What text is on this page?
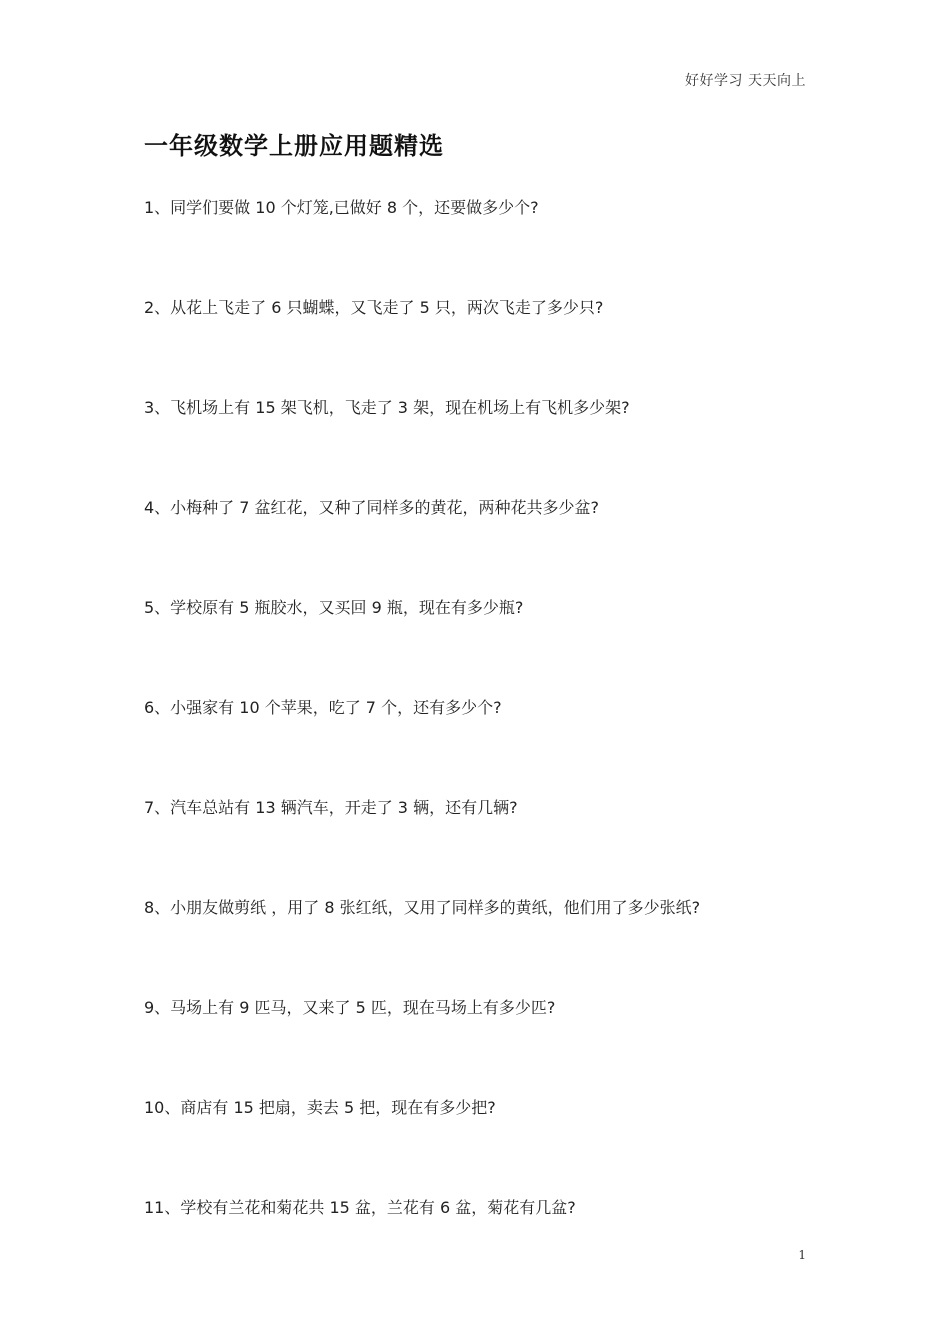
好好学习 天天向上
一年级数学上册应用题精选
1、同学们要做 10 个灯笼,已做好 8 个，还要做多少个?
2、从花上飞走了 6 只蝴蝶，又飞走了 5 只，两次飞走了多少只?
3、飞机场上有 15 架飞机，飞走了 3 架，现在机场上有飞机多少架?
4、小梅种了 7 盆红花，又种了同样多的黄花，两种花共多少盆?
5、学校原有 5 瓶胶水，又买回 9 瓶，现在有多少瓶?
6、小强家有 10 个苹果，吃了 7 个，还有多少个?
7、汽车总站有 13 辆汽车，开走了 3 辆，还有几辆?
8、小朋友做剪纸 ，用了 8 张红纸，又用了同样多的黄纸，他们用了多少张纸?
9、马场上有 9 匹马，又来了 5 匹，现在马场上有多少匹?
10、商店有 15 把扇，卖去 5 把，现在有多少把?
11、学校有兰花和菊花共 15 盆，兰花有 6 盆，菊花有几盆?
1
